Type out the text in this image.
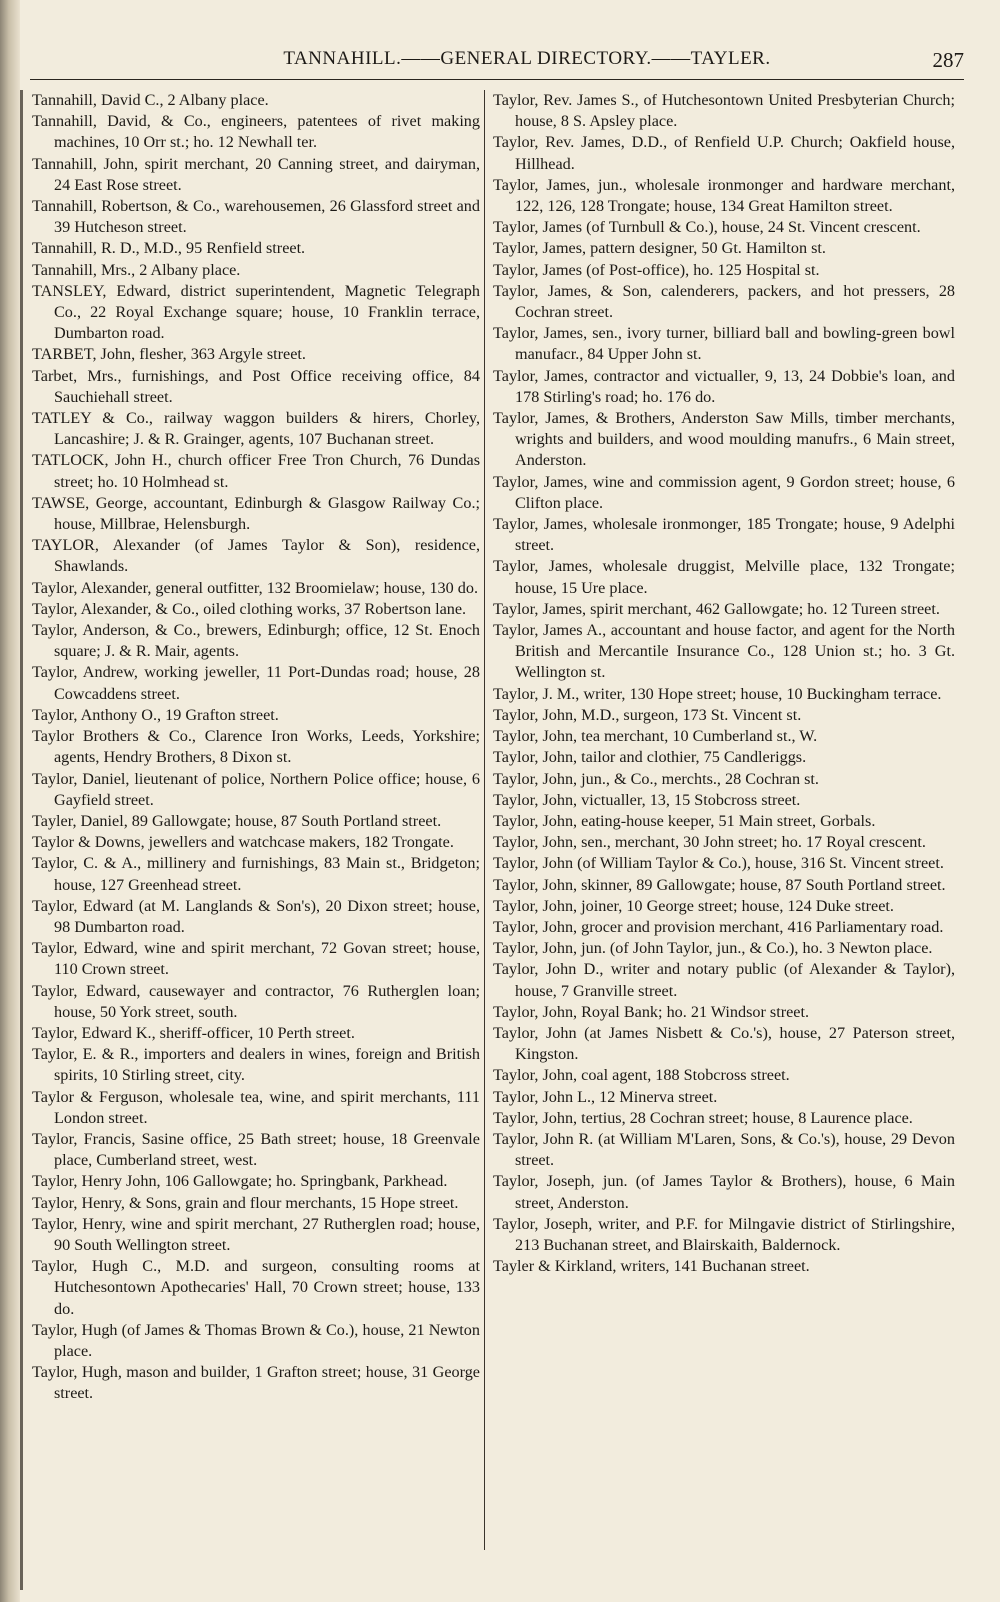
TANNAHILL.——GENERAL DIRECTORY.——TAYLER.	287
Tannahill, David C., 2 Albany place.
Tannahill, David, & Co., engineers, patentees of rivet making machines, 10 Orr st.; ho. 12 Newhall ter.
Tannahill, John, spirit merchant, 20 Canning street, and dairyman, 24 East Rose street.
Tannahill, Robertson, & Co., warehousemen, 26 Glassford street and 39 Hutcheson street.
Tannahill, R. D., M.D., 95 Renfield street.
Tannahill, Mrs., 2 Albany place.
TANSLEY, Edward, district superintendent, Magnetic Telegraph Co., 22 Royal Exchange square; house, 10 Franklin terrace, Dumbarton road.
TARBET, John, flesher, 363 Argyle street.
Tarbet, Mrs., furnishings, and Post Office receiving office, 84 Sauchiehall street.
TATLEY & Co., railway waggon builders & hirers, Chorley, Lancashire; J. & R. Grainger, agents, 107 Buchanan street.
TATLOCK, John H., church officer Free Tron Church, 76 Dundas street; ho. 10 Holmhead st.
TAWSE, George, accountant, Edinburgh & Glasgow Railway Co.; house, Millbrae, Helensburgh.
TAYLOR, Alexander (of James Taylor & Son), residence, Shawlands.
Taylor, Alexander, general outfitter, 132 Broomielaw; house, 130 do.
Taylor, Alexander, & Co., oiled clothing works, 37 Robertson lane.
Taylor, Anderson, & Co., brewers, Edinburgh; office, 12 St. Enoch square; J. & R. Mair, agents.
Taylor, Andrew, working jeweller, 11 Port-Dundas road; house, 28 Cowcaddens street.
Taylor, Anthony O., 19 Grafton street.
Taylor Brothers & Co., Clarence Iron Works, Leeds, Yorkshire; agents, Hendry Brothers, 8 Dixon st.
Taylor, Daniel, lieutenant of police, Northern Police office; house, 6 Gayfield street.
Tayler, Daniel, 89 Gallowgate; house, 87 South Portland street.
Taylor & Downs, jewellers and watchcase makers, 182 Trongate.
Taylor, C. & A., millinery and furnishings, 83 Main st., Bridgeton; house, 127 Greenhead street.
Taylor, Edward (at M. Langlands & Son's), 20 Dixon street; house, 98 Dumbarton road.
Taylor, Edward, wine and spirit merchant, 72 Govan street; house, 110 Crown street.
Taylor, Edward, causewayer and contractor, 76 Rutherglen loan; house, 50 York street, south.
Taylor, Edward K., sheriff-officer, 10 Perth street.
Taylor, E. & R., importers and dealers in wines, foreign and British spirits, 10 Stirling street, city.
Taylor & Ferguson, wholesale tea, wine, and spirit merchants, 111 London street.
Taylor, Francis, Sasine office, 25 Bath street; house, 18 Greenvale place, Cumberland street, west.
Taylor, Henry John, 106 Gallowgate; ho. Springbank, Parkhead.
Taylor, Henry, & Sons, grain and flour merchants, 15 Hope street.
Taylor, Henry, wine and spirit merchant, 27 Rutherglen road; house, 90 South Wellington street.
Taylor, Hugh C., M.D. and surgeon, consulting rooms at Hutchesontown Apothecaries' Hall, 70 Crown street; house, 133 do.
Taylor, Hugh (of James & Thomas Brown & Co.), house, 21 Newton place.
Taylor, Hugh, mason and builder, 1 Grafton street; house, 31 George street.
Taylor, Rev. James S., of Hutchesontown United Presbyterian Church; house, 8 S. Apsley place.
Taylor, Rev. James, D.D., of Renfield U.P. Church; Oakfield house, Hillhead.
Taylor, James, jun., wholesale ironmonger and hardware merchant, 122, 126, 128 Trongate; house, 134 Great Hamilton street.
Taylor, James (of Turnbull & Co.), house, 24 St. Vincent crescent.
Taylor, James, pattern designer, 50 Gt. Hamilton st.
Taylor, James (of Post-office), ho. 125 Hospital st.
Taylor, James, & Son, calenderers, packers, and hot pressers, 28 Cochran street.
Taylor, James, sen., ivory turner, billiard ball and bowling-green bowl manufacr., 84 Upper John st.
Taylor, James, contractor and victualler, 9, 13, 24 Dobbie's loan, and 178 Stirling's road; ho. 176 do.
Taylor, James, & Brothers, Anderston Saw Mills, timber merchants, wrights and builders, and wood moulding manufrs., 6 Main street, Anderston.
Taylor, James, wine and commission agent, 9 Gordon street; house, 6 Clifton place.
Taylor, James, wholesale ironmonger, 185 Trongate; house, 9 Adelphi street.
Taylor, James, wholesale druggist, Melville place, 132 Trongate; house, 15 Ure place.
Taylor, James, spirit merchant, 462 Gallowgate; ho. 12 Tureen street.
Taylor, James A., accountant and house factor, and agent for the North British and Mercantile Insurance Co., 128 Union st.; ho. 3 Gt. Wellington st.
Taylor, J. M., writer, 130 Hope street; house, 10 Buckingham terrace.
Taylor, John, M.D., surgeon, 173 St. Vincent st.
Taylor, John, tea merchant, 10 Cumberland st., W.
Taylor, John, tailor and clothier, 75 Candleriggs.
Taylor, John, jun., & Co., merchts., 28 Cochran st.
Taylor, John, victualler, 13, 15 Stobcross street.
Taylor, John, eating-house keeper, 51 Main street, Gorbals.
Taylor, John, sen., merchant, 30 John street; ho. 17 Royal crescent.
Taylor, John (of William Taylor & Co.), house, 316 St. Vincent street.
Taylor, John, skinner, 89 Gallowgate; house, 87 South Portland street.
Taylor, John, joiner, 10 George street; house, 124 Duke street.
Taylor, John, grocer and provision merchant, 416 Parliamentary road.
Taylor, John, jun. (of John Taylor, jun., & Co.), ho. 3 Newton place.
Taylor, John D., writer and notary public (of Alexander & Taylor), house, 7 Granville street.
Taylor, John, Royal Bank; ho. 21 Windsor street.
Taylor, John (at James Nisbett & Co.'s), house, 27 Paterson street, Kingston.
Taylor, John, coal agent, 188 Stobcross street.
Taylor, John L., 12 Minerva street.
Taylor, John, tertius, 28 Cochran street; house, 8 Laurence place.
Taylor, John R. (at William M'Laren, Sons, & Co.'s), house, 29 Devon street.
Taylor, Joseph, jun. (of James Taylor & Brothers), house, 6 Main street, Anderston.
Taylor, Joseph, writer, and P.F. for Milngavie district of Stirlingshire, 213 Buchanan street, and Blairskaith, Baldernock.
Tayler & Kirkland, writers, 141 Buchanan street.
